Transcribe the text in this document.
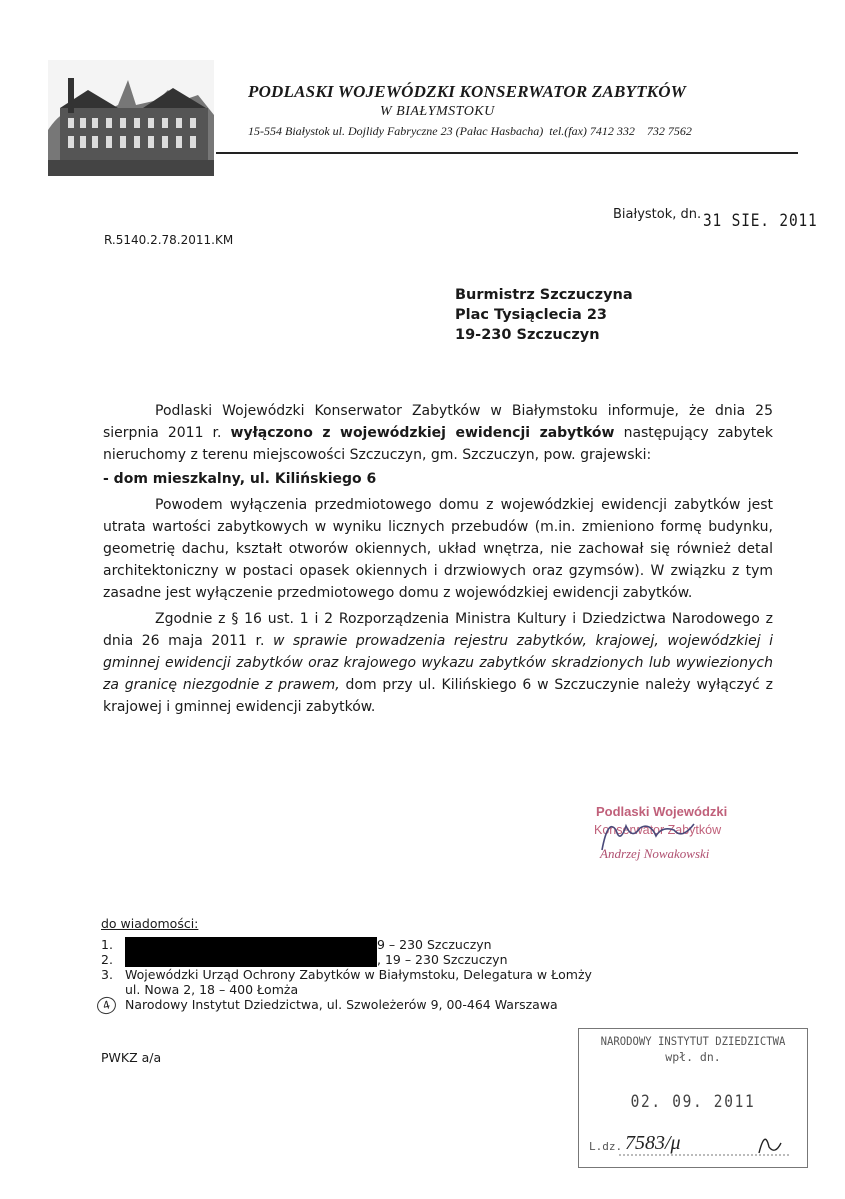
PODLASKI WOJEWÓDZKI KONSERWATOR ZABYTKÓW
W BIAŁYMSTOKU
15-554 Białystok ul. Dojlidy Fabryczne 23 (Pałac Hasbacha)  tel.(fax) 7412 332    732 7562
Białystok, dn. 31 SIE. 2011
R.5140.2.78.2011.KM
Burmistrz Szczuczyna
Plac Tysiąclecia 23
19-230 Szczuczyn

Podlaski Wojewódzki Konserwator Zabytków w Białymstoku informuje, że dnia 25 sierpnia 2011 r. wyłączono z wojewódzkiej ewidencji zabytków następujący zabytek nieruchomy z terenu miejscowości Szczuczyn, gm. Szczuczyn, pow. grajewski:

- dom mieszkalny, ul. Kilińskiego 6

Powodem wyłączenia przedmiotowego domu z wojewódzkiej ewidencji zabytków jest utrata wartości zabytkowych w wyniku licznych przebudów (m.in. zmieniono formę budynku, geometrię dachu, kształt otworów okiennych, układ wnętrza, nie zachował się również detal architektoniczny w postaci opasek okiennych i drzwiowych oraz gzymsów). W związku z tym zasadne jest wyłączenie przedmiotowego domu z wojewódzkiej ewidencji zabytków.

Zgodnie z § 16 ust. 1 i 2 Rozporządzenia Ministra Kultury i Dziedzictwa Narodowego z dnia 26 maja 2011 r. w sprawie prowadzenia rejestru zabytków, krajowej, wojewódzkiej i gminnej ewidencji zabytków oraz krajowego wykazu zabytków skradzionych lub wywiezionych za granicę niezgodnie z prawem, dom przy ul. Kilińskiego 6 w Szczuczynie należy wyłączyć z krajowej i gminnej ewidencji zabytków.

Podlaski Wojewódzki
Konserwator Zabytków
Andrzej Nowakowski
do wiadomości:
1.	9 – 230 Szczuczyn
2.	, 19 – 230 Szczuczyn
3. Wojewódzki Urząd Ochrony Zabytków w Białymstoku, Delegatura w Łomży
ul. Nowa 2, 18 – 400 Łomża
4	Narodowy Instytut Dziedzictwa, ul. Szwoleżerów 9, 00-464 Warszawa
PWKZ a/a
NARODOWY INSTYTUT DZIEDZICTWA
wpł. dn.
02. 09. 2011
L.dz. 7583/μ
